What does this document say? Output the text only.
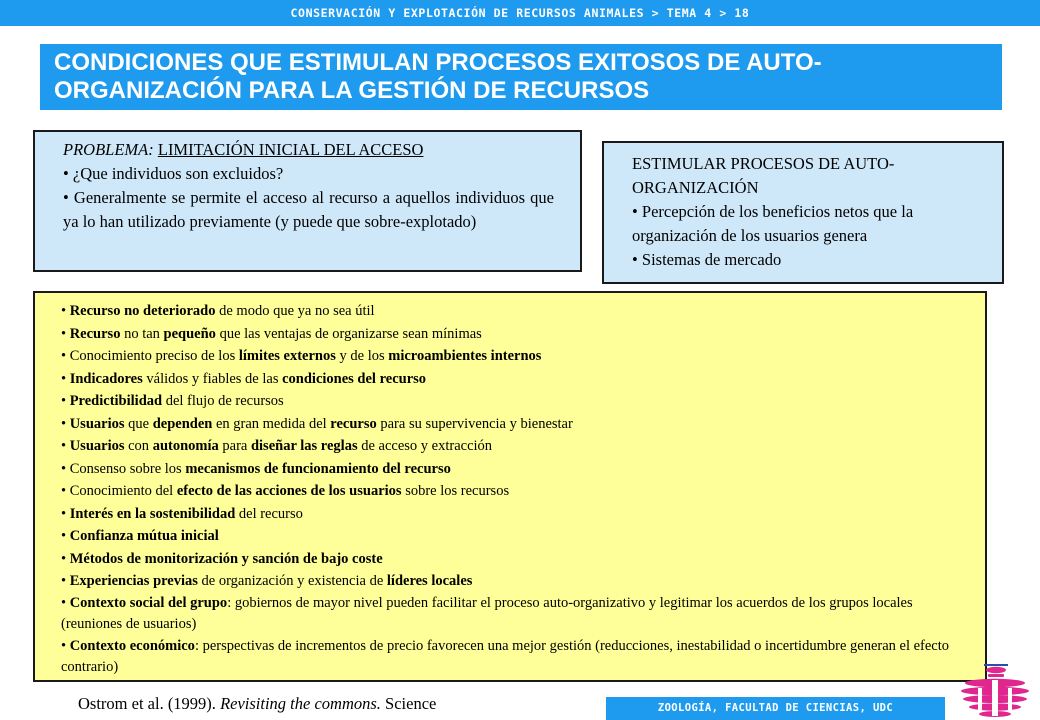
CONSERVACIÓN Y EXPLOTACIÓN DE RECURSOS ANIMALES > TEMA 4 > 18
CONDICIONES QUE ESTIMULAN PROCESOS EXITOSOS DE AUTO-ORGANIZACIÓN PARA LA GESTIÓN DE RECURSOS
PROBLEMA: LIMITACIÓN INICIAL DEL ACCESO
• ¿Que individuos son excluidos?
• Generalmente se permite el acceso al recurso a aquellos individuos que ya lo han utilizado previamente (y puede que sobre-explotado)
ESTIMULAR PROCESOS DE AUTO-ORGANIZACIÓN
• Percepción de los beneficios netos que la organización de los usuarios genera
• Sistemas de mercado
• Recurso no deteriorado de modo que ya no sea útil
• Recurso no tan pequeño que las ventajas de organizarse sean mínimas
• Conocimiento preciso de los límites externos y de los microambientes internos
• Indicadores válidos y fiables de las condiciones del recurso
• Predictibilidad del flujo de recursos
• Usuarios que dependen en gran medida del recurso para su supervivencia y bienestar
• Usuarios con autonomía para diseñar las reglas de acceso y extracción
• Consenso sobre los mecanismos de funcionamiento del recurso
• Conocimiento del efecto de las acciones de los usuarios sobre los recursos
• Interés en la sostenibilidad del recurso
• Confianza mútua inicial
• Métodos de monitorización y sanción de bajo coste
• Experiencias previas de organización y existencia de líderes locales
• Contexto social del grupo: gobiernos de mayor nivel pueden facilitar el proceso auto-organizativo y legitimar los acuerdos de los grupos locales (reuniones de usuarios)
• Contexto económico: perspectivas de incrementos de precio favorecen una mejor gestión (reducciones, inestabilidad o incertidumbre generan el efecto contrario)
Ostrom et al. (1999). Revisiting the commons. Science	ZOOLOGÍA, FACULTAD DE CIENCIAS, UDC
